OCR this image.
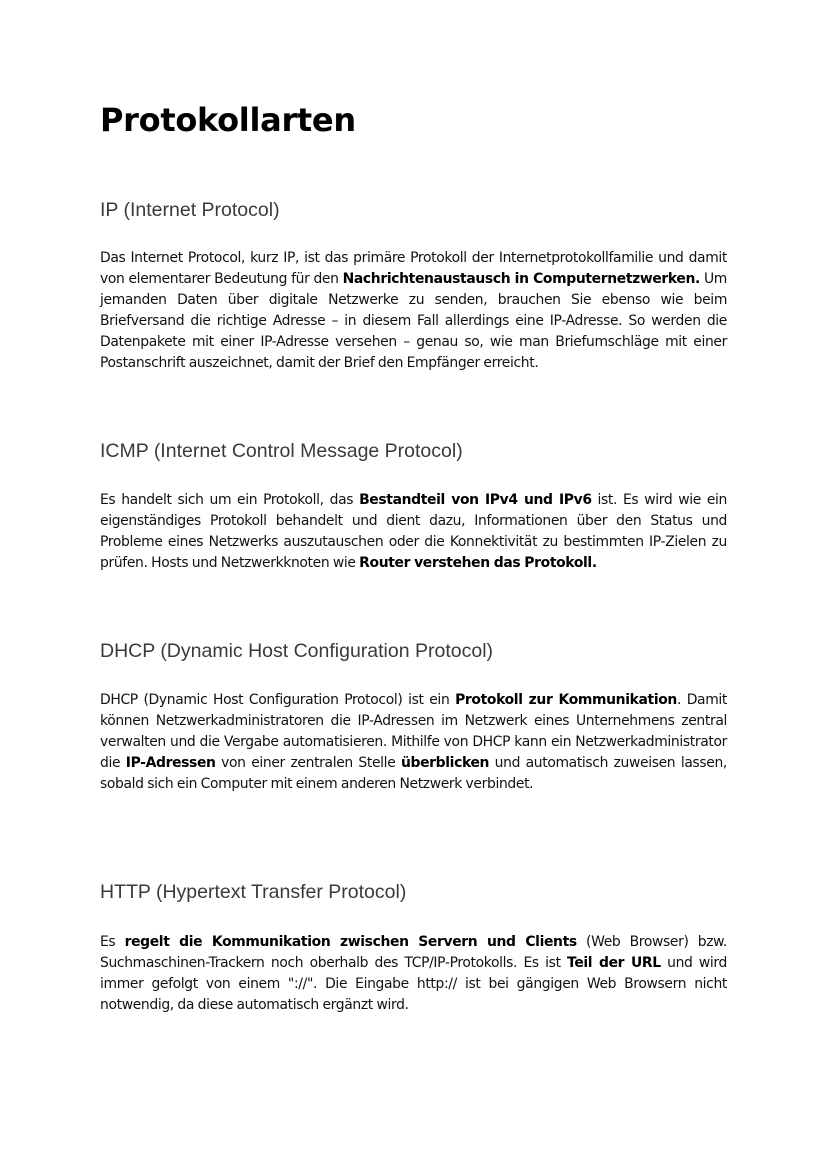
Protokollarten
IP (Internet Protocol)

Das Internet Protocol, kurz IP, ist das primäre Protokoll der Internetprotokollfamilie und damit von elementarer Bedeutung für den Nachrichtenaustausch in Computernetzwerken. Um jemanden Daten über digitale Netzwerke zu senden, brauchen Sie ebenso wie beim Briefversand die richtige Adresse – in diesem Fall allerdings eine IP-Adresse. So werden die Datenpakete mit einer IP-Adresse versehen – genau so, wie man Briefumschläge mit einer Postanschrift auszeichnet, damit der Brief den Empfänger erreicht.

ICMP (Internet Control Message Protocol)

Es handelt sich um ein Protokoll, das Bestandteil von IPv4 und IPv6 ist. Es wird wie ein eigenständiges Protokoll behandelt und dient dazu, Informationen über den Status und Probleme eines Netzwerks auszutauschen oder die Konnektivität zu bestimmten IP-Zielen zu prüfen. Hosts und Netzwerkknoten wie Router verstehen das Protokoll.

DHCP (Dynamic Host Configuration Protocol)

DHCP (Dynamic Host Configuration Protocol) ist ein Protokoll zur Kommunikation. Damit können Netzwerkadministratoren die IP-Adressen im Netzwerk eines Unternehmens zentral verwalten und die Vergabe automatisieren. Mithilfe von DHCP kann ein Netzwerkadministrator die IP-Adressen von einer zentralen Stelle überblicken und automatisch zuweisen lassen, sobald sich ein Computer mit einem anderen Netzwerk verbindet.

HTTP (Hypertext Transfer Protocol)

Es regelt die Kommunikation zwischen Servern und Clients (Web Browser) bzw. Suchmaschinen-Trackern noch oberhalb des TCP/IP-Protokolls. Es ist Teil der URL und wird immer gefolgt von einem "://". Die Eingabe http:// ist bei gängigen Web Browsern nicht notwendig, da diese automatisch ergänzt wird.
